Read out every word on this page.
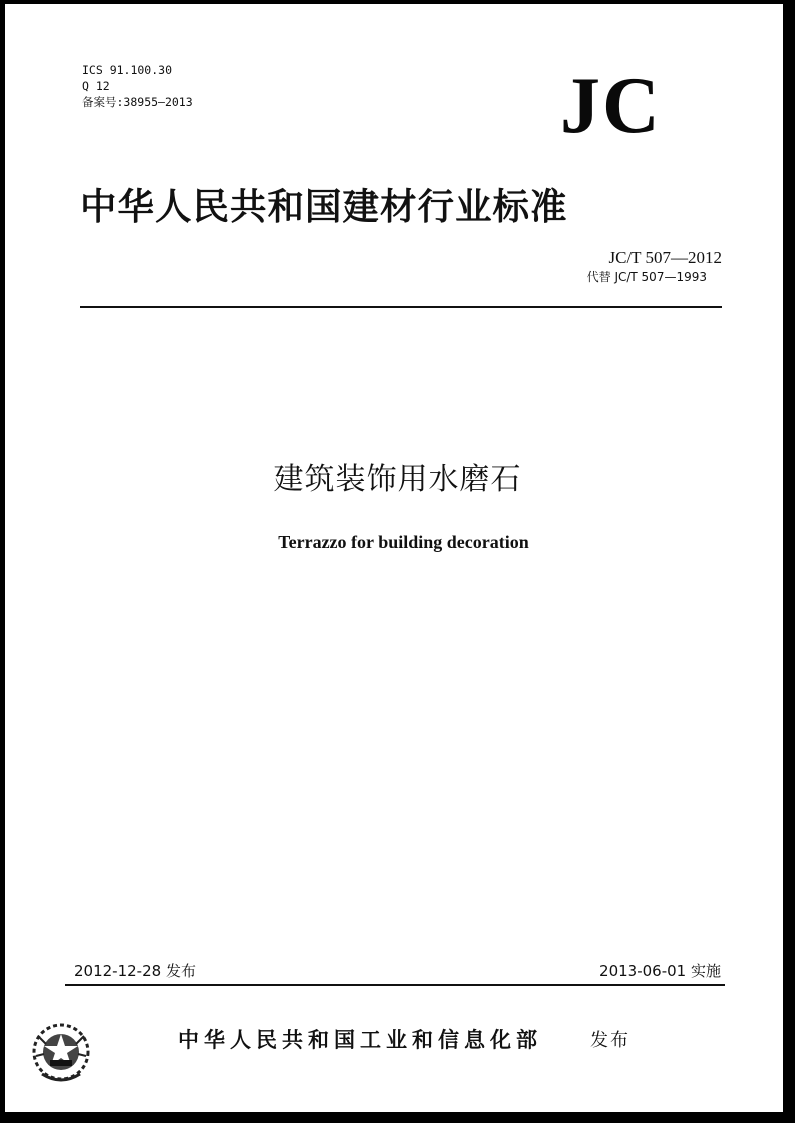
ICS 91.100.30
Q 12
备案号:38955—2013	JC
中华人民共和国建材行业标准
JC/T 507—2012
代替 JC/T 507—1993
建筑装饰用水磨石
Terrazzo for building decoration
2012-12-28 发布	2013-06-01 实施
中华人民共和国工业和信息化部	发布
